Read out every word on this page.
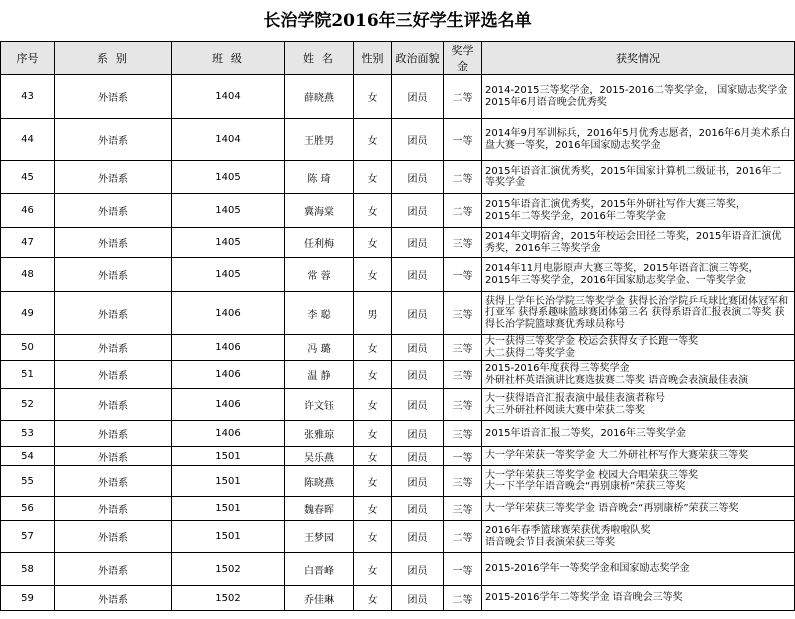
长治学院2016年三好学生评选名单
序号	系 别	班 级	姓 名	性别	政治面貌	奖学金	获奖情况
43	外语系	1404	薛晓燕	女	团员	二等	2014-2015三等奖学金，2015-2016二等奖学金， 国家励志奖学金
2015年6月语音晚会优秀奖

44	外语系	1404	王胜男	女	团员	一等	2014年9月军训标兵，2016年5月优秀志愿者，2016年6月美术系白盘大赛一等奖，2016年国家励志奖学金

45	外语系	1405	陈 琦	女	团员	二等	2015年语音汇演优秀奖，2015年国家计算机二级证书，2016年二等奖学金

46	外语系	1405	冀海棠	女	团员	二等	2015年语音汇演优秀奖，2015年外研社写作大赛三等奖，
2015年二等奖学金，2016年二等奖学金

47	外语系	1405	任利梅	女	团员	三等	2014年文明宿舍，2015年校运会田径二等奖，2015年语音汇演优秀奖，2016年三等奖学金

48	外语系	1405	常 蓉	女	团员	一等	2014年11月电影原声大赛三等奖，2015年语音汇演三等奖，
2015年三等奖学金，2016年国家励志奖学金、一等奖学金

49	外语系	1406	李 聪	男	团员	三等	获得上学年长治学院三等奖学金 获得长治学院乒乓球比赛团体冠军和打亚军 获得系趣味篮球赛团体第三名 获得系语音汇报表演二等奖 获得长治学院篮球赛优秀球员称号

50	外语系	1406	冯 璐	女	团员	三等	大一获得三等奖学金 校运会获得女子长跑一等奖
大二获得二等奖学金

51	外语系	1406	温 静	女	团员	三等	2015-2016年度获得三等奖学金
外研社杯英语演讲比赛选拔赛二等奖 语音晚会表演最佳表演

52	外语系	1406	许文钰	女	团员	三等	大一获得语音汇报表演中最佳表演者称号
大三外研社杯阅读大赛中荣获二等奖

53	外语系	1406	张雅琼	女	团员	三等	2015年语音汇报二等奖，2016年三等奖学金

54	外语系	1501	吴乐燕	女	团员	一等	大一学年荣获一等奖学金 大二外研社杯写作大赛荣获三等奖

55	外语系	1501	陈晓燕	女	团员	三等	大一学年荣获三等奖学金 校园大合唱荣获三等奖
大一下半学年语音晚会“再别康桥”荣获三等奖

56	外语系	1501	魏春晖	女	团员	三等	大一学年荣获三等奖学金 语音晚会“再别康桥”荣获三等奖

57	外语系	1501	王梦园	女	团员	二等	2016年春季篮球赛荣获优秀啦啦队奖
语音晚会节目表演荣获三等奖

58	外语系	1502	白晋峰	女	团员	一等	2015-2016学年一等奖学金和国家励志奖学金

59	外语系	1502	乔佳琳	女	团员	二等	2015-2016学年二等奖学金 语音晚会三等奖
